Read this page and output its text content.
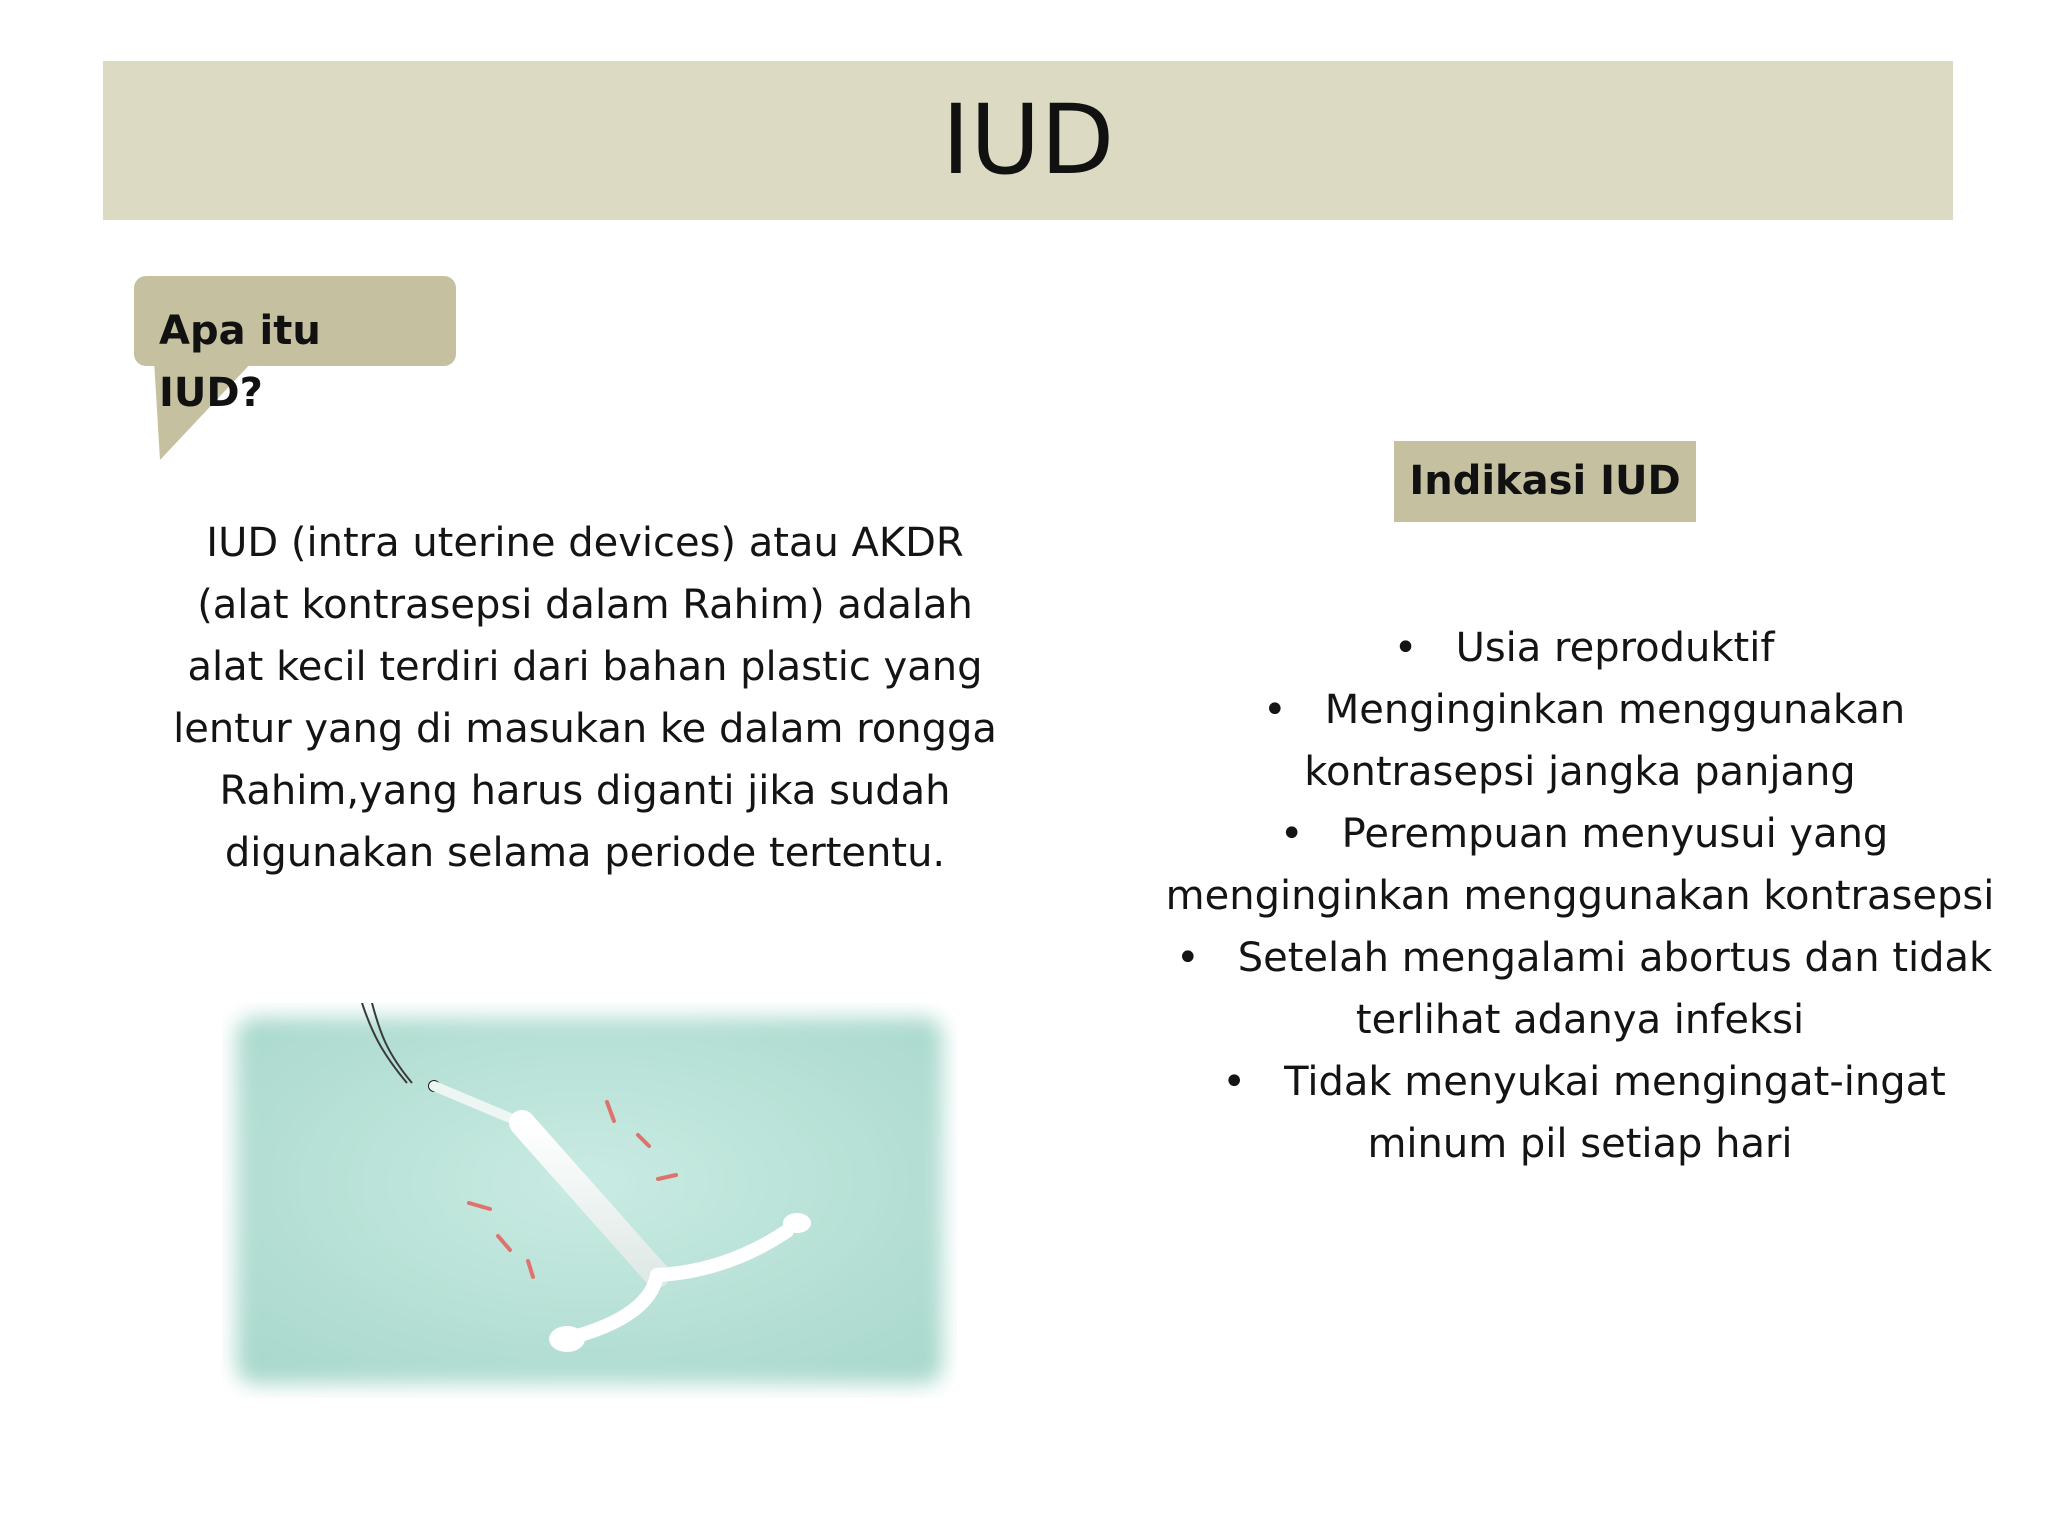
IUD
Apa itu IUD?

IUD (intra uterine devices) atau AKDR (alat kontrasepsi dalam Rahim) adalah alat kecil terdiri dari bahan plastic yang lentur yang di masukan ke dalam rongga Rahim,yang harus diganti jika sudah digunakan selama periode tertentu.

Indikasi IUD
• Usia reproduktif
• Menginginkan menggunakan kontrasepsi jangka panjang
• Perempuan menyusui yang menginginkan menggunakan kontrasepsi
• Setelah mengalami abortus dan tidak terlihat adanya infeksi
• Tidak menyukai mengingat-ingat minum pil setiap hari
